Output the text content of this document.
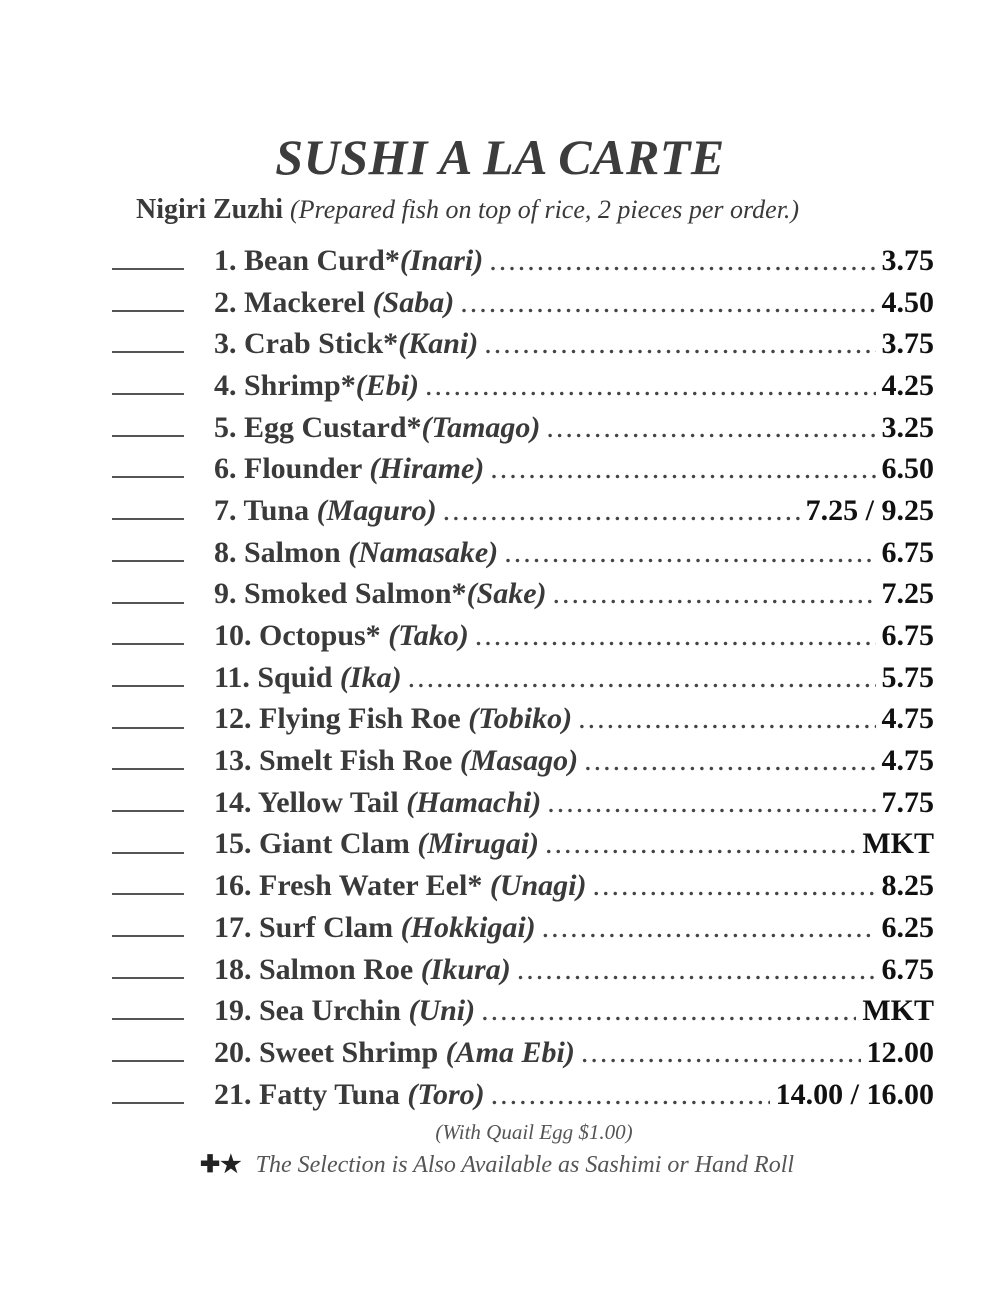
SUSHI A LA CARTE
Nigiri Zuzhi (Prepared fish on top of rice, 2 pieces per order.)
1. Bean Curd*(Inari) .....	3.75
2. Mackerel (Saba) .....	4.50
3. Crab Stick*(Kani) .....	3.75
4. Shrimp*(Ebi) .....	4.25
5. Egg Custard*(Tamago) .....	3.25
6. Flounder (Hirame) .....	6.50
7. Tuna (Maguro) .....	7.25 / 9.25
8. Salmon (Namasake) .....	6.75
9. Smoked Salmon*(Sake) .....	7.25
10. Octopus* (Tako) .....	6.75
11. Squid (Ika) .....	5.75
12. Flying Fish Roe (Tobiko) .....	4.75
13. Smelt Fish Roe (Masago) .....	4.75
14. Yellow Tail (Hamachi) .....	7.75
15. Giant Clam (Mirugai) .....	MKT
16. Fresh Water Eel* (Unagi) .....	8.25
17. Surf Clam (Hokkigai) .....	6.25
18. Salmon Roe (Ikura) .....	6.75
19. Sea Urchin (Uni) .....	MKT
20. Sweet Shrimp (Ama Ebi) .....	12.00
21. Fatty Tuna (Toro) .....	14.00 / 16.00
(With Quail Egg $1.00)
✚★ The Selection is Also Available as Sashimi or Hand Roll
